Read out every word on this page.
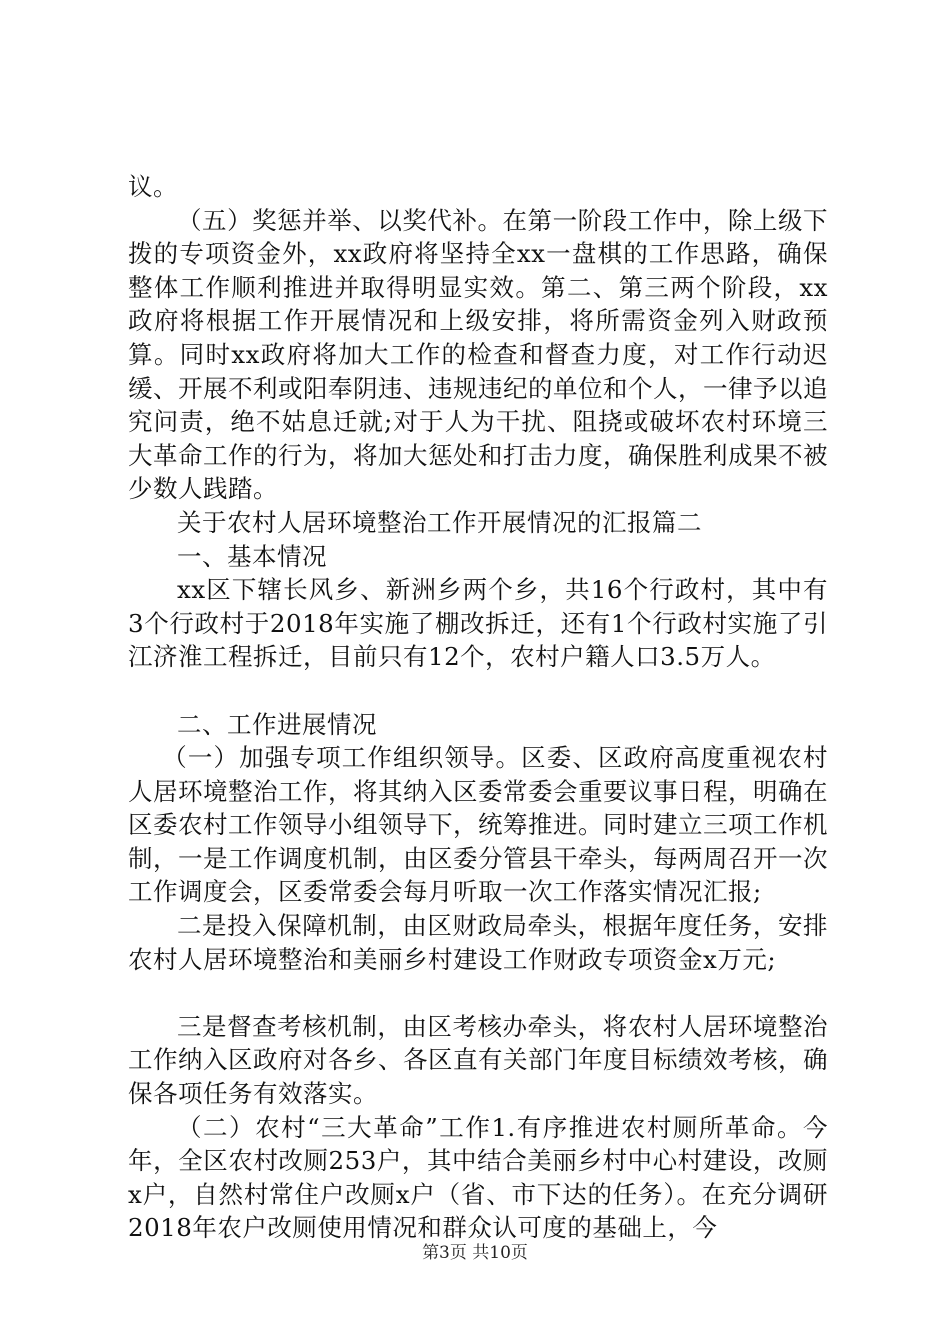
议。

（五）奖惩并举、以奖代补。在第一阶段工作中，除上级下拨的专项资金外，xx政府将坚持全xx一盘棋的工作思路，确保整体工作顺利推进并取得明显实效。第二、第三两个阶段，xx政府将根据工作开展情况和上级安排，将所需资金列入财政预算。同时xx政府将加大工作的检查和督查力度，对工作行动迟缓、开展不利或阳奉阴违、违规违纪的单位和个人，一律予以追究问责，绝不姑息迁就;对于人为干扰、阻挠或破坏农村环境三大革命工作的行为，将加大惩处和打击力度，确保胜利成果不被少数人践踏。

关于农村人居环境整治工作开展情况的汇报篇二

一、基本情况

xx区下辖长风乡、新洲乡两个乡，共16个行政村，其中有3个行政村于2018年实施了棚改拆迁，还有1个行政村实施了引江济淮工程拆迁，目前只有12个，农村户籍人口3.5万人。

二、工作进展情况

（一）加强专项工作组织领导。区委、区政府高度重视农村人居环境整治工作，将其纳入区委常委会重要议事日程，明确在区委农村工作领导小组领导下，统筹推进。同时建立三项工作机制，一是工作调度机制，由区委分管县干牵头，每两周召开一次工作调度会，区委常委会每月听取一次工作落实情况汇报;

二是投入保障机制，由区财政局牵头，根据年度任务，安排农村人居环境整治和美丽乡村建设工作财政专项资金x万元;

三是督查考核机制，由区考核办牵头，将农村人居环境整治工作纳入区政府对各乡、各区直有关部门年度目标绩效考核，确保各项任务有效落实。

（二）农村“三大革命”工作1.有序推进农村厕所革命。今年，全区农村改厕253户，其中结合美丽乡村中心村建设，改厕x户，自然村常住户改厕x户（省、市下达的任务）。在充分调研2018年农户改厕使用情况和群众认可度的基础上，今

第3页 共10页
